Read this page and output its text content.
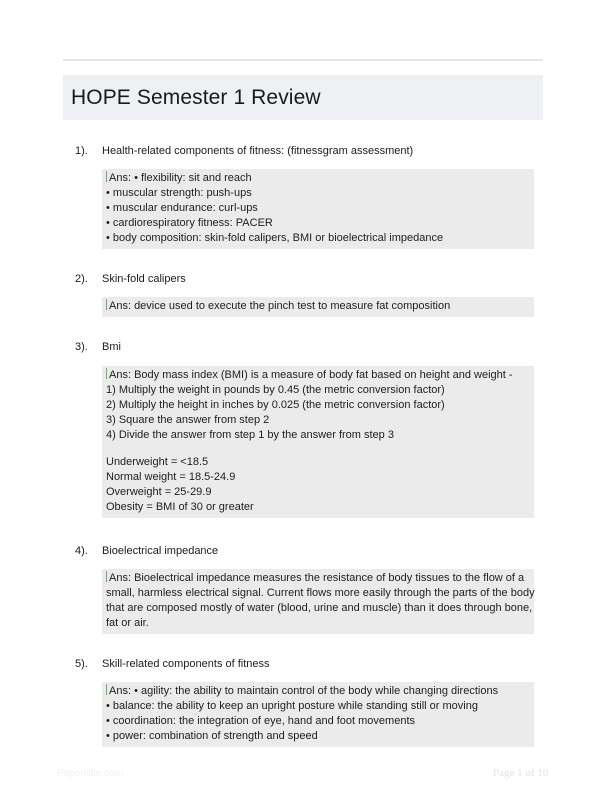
HOPE Semester 1 Review
1). Health-related components of fitness: (fitnessgram assessment)
Ans: • flexibility: sit and reach
• muscular strength: push-ups
• muscular endurance: curl-ups
• cardiorespiratory fitness: PACER
• body composition: skin-fold calipers, BMI or bioelectrical impedance
2). Skin-fold calipers
Ans: device used to execute the pinch test to measure fat composition
3). Bmi
Ans: Body mass index (BMI) is a measure of body fat based on height and weight -
1) Multiply the weight in pounds by 0.45 (the metric conversion factor)
2) Multiply the height in inches by 0.025 (the metric conversion factor)
3) Square the answer from step 2
4) Divide the answer from step 1 by the answer from step 3
Underweight = <18.5
Normal weight = 18.5-24.9
Overweight = 25-29.9
Obesity = BMI of 30 or greater
4). Bioelectrical impedance
Ans: Bioelectrical impedance measures the resistance of body tissues to the flow of a
small, harmless electrical signal. Current flows more easily through the parts of the body
that are composed mostly of water (blood, urine and muscle) than it does through bone,
fat or air.
5). Skill-related components of fitness
Ans: • agility: the ability to maintain control of the body while changing directions
• balance: the ability to keep an upright posture while standing still or moving
• coordination: the integration of eye, hand and foot movements
• power: combination of strength and speed
Paperilibe.com	Page 1 of 10
